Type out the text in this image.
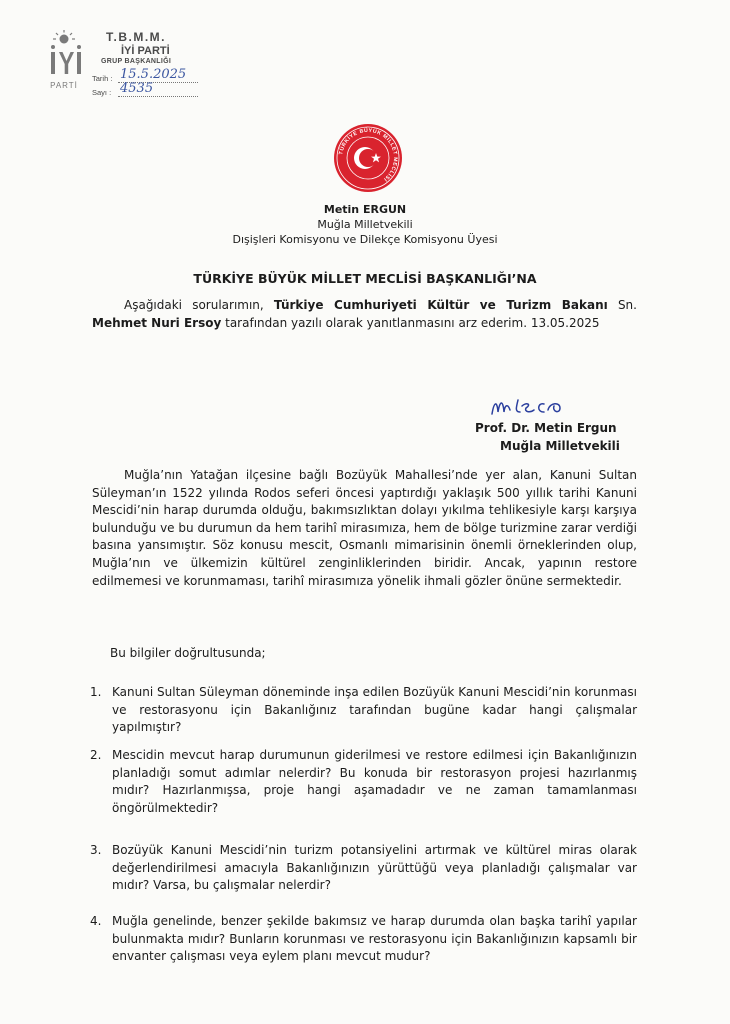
PARTİ
T.B.M.M.
İYİ PARTİ
GRUP BAŞKANLIĞI
Tarih : 15.5.2025
Sayı : 4535
TÜRKİYE BÜYÜK MİLLET MECLİSİ
Metin ERGUN
Muğla Milletvekili
Dışişleri Komisyonu ve Dilekçe Komisyonu Üyesi
TÜRKİYE BÜYÜK MİLLET MECLİSİ BAŞKANLIĞI’NA
Aşağıdaki sorularımın, Türkiye Cumhuriyeti Kültür ve Turizm Bakanı Sn. Mehmet Nuri Ersoy tarafından yazılı olarak yanıtlanmasını arz ederim. 13.05.2025
Prof. Dr. Metin Ergun
Muğla Milletvekili
Muğla’nın Yatağan ilçesine bağlı Bozüyük Mahallesi’nde yer alan, Kanuni Sultan Süleyman’ın 1522 yılında Rodos seferi öncesi yaptırdığı yaklaşık 500 yıllık tarihi Kanuni Mescidi’nin harap durumda olduğu, bakımsızlıktan dolayı yıkılma tehlikesiyle karşı karşıya bulunduğu ve bu durumun da hem tarihî mirasımıza, hem de bölge turizmine zarar verdiği basına yansımıştır. Söz konusu mescit, Osmanlı mimarisinin önemli örneklerinden olup, Muğla’nın ve ülkemizin kültürel zenginliklerinden biridir. Ancak, yapının restore edilmemesi ve korunmaması, tarihî mirasımıza yönelik ihmali gözler önüne sermektedir.
Bu bilgiler doğrultusunda;
1. Kanuni Sultan Süleyman döneminde inşa edilen Bozüyük Kanuni Mescidi’nin korunması ve restorasyonu için Bakanlığınız tarafından bugüne kadar hangi çalışmalar yapılmıştır?
2. Mescidin mevcut harap durumunun giderilmesi ve restore edilmesi için Bakanlığınızın planladığı somut adımlar nelerdir? Bu konuda bir restorasyon projesi hazırlanmış mıdır? Hazırlanmışsa, proje hangi aşamadadır ve ne zaman tamamlanması öngörülmektedir?
3. Bozüyük Kanuni Mescidi’nin turizm potansiyelini artırmak ve kültürel miras olarak değerlendirilmesi amacıyla Bakanlığınızın yürüttüğü veya planladığı çalışmalar var mıdır? Varsa, bu çalışmalar nelerdir?
4. Muğla genelinde, benzer şekilde bakımsız ve harap durumda olan başka tarihî yapılar bulunmakta mıdır? Bunların korunması ve restorasyonu için Bakanlığınızın kapsamlı bir envanter çalışması veya eylem planı mevcut mudur?
